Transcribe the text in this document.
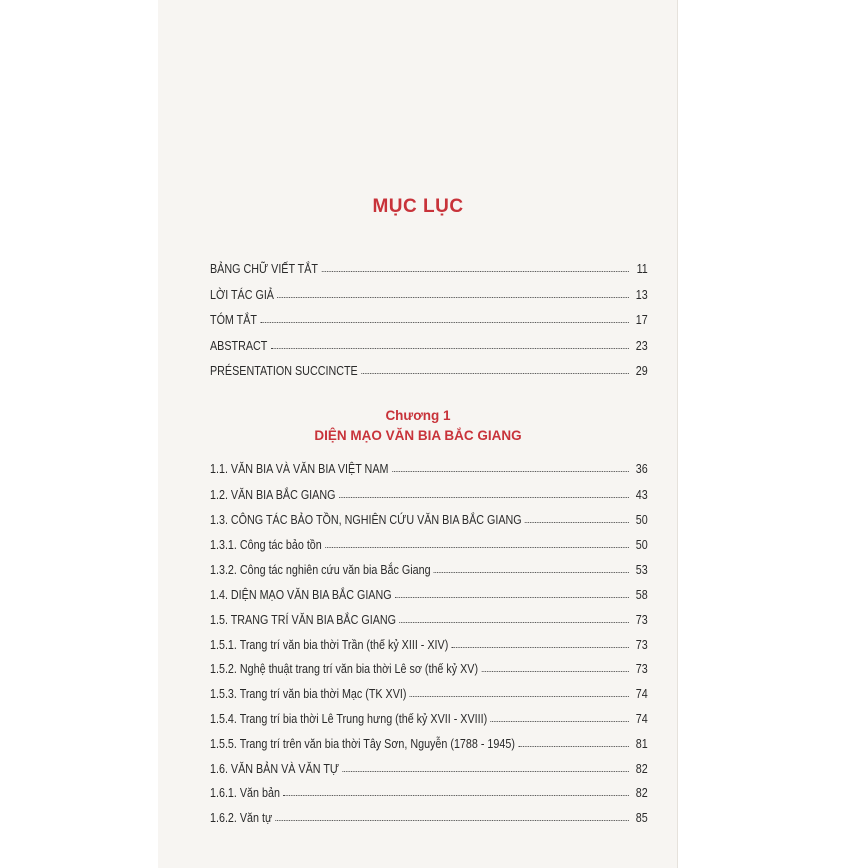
MỤC LỤC
BẢNG CHỮ VIẾT TẮT	11
LỜI TÁC GIẢ	13
TÓM TẮT	17
ABSTRACT	23
PRÉSENTATION SUCCINCTE	29
Chương 1
DIỆN MẠO VĂN BIA BẮC GIANG
1.1. VĂN BIA VÀ VĂN BIA VIỆT NAM	36
1.2. VĂN BIA BẮC GIANG	43
1.3. CÔNG TÁC BẢO TỒN, NGHIÊN CỨU VĂN BIA BẮC GIANG	50
1.3.1. Công tác bảo tồn	50
1.3.2. Công tác nghiên cứu văn bia Bắc Giang	53
1.4. DIỆN MẠO VĂN BIA BẮC GIANG	58
1.5. TRANG TRÍ VĂN BIA BẮC GIANG	73
1.5.1. Trang trí văn bia thời Trần (thế kỷ XIII - XIV)	73
1.5.2. Nghệ thuật trang trí văn bia thời Lê sơ (thế kỷ XV)	73
1.5.3. Trang trí văn bia thời Mạc (TK XVI)	74
1.5.4. Trang trí bia thời Lê Trung hưng (thế kỷ XVII - XVIII)	74
1.5.5. Trang trí trên văn bia thời Tây Sơn, Nguyễn (1788 - 1945)	81
1.6. VĂN BẢN VÀ VĂN TỰ	82
1.6.1. Văn bản	82
1.6.2. Văn tự	85
